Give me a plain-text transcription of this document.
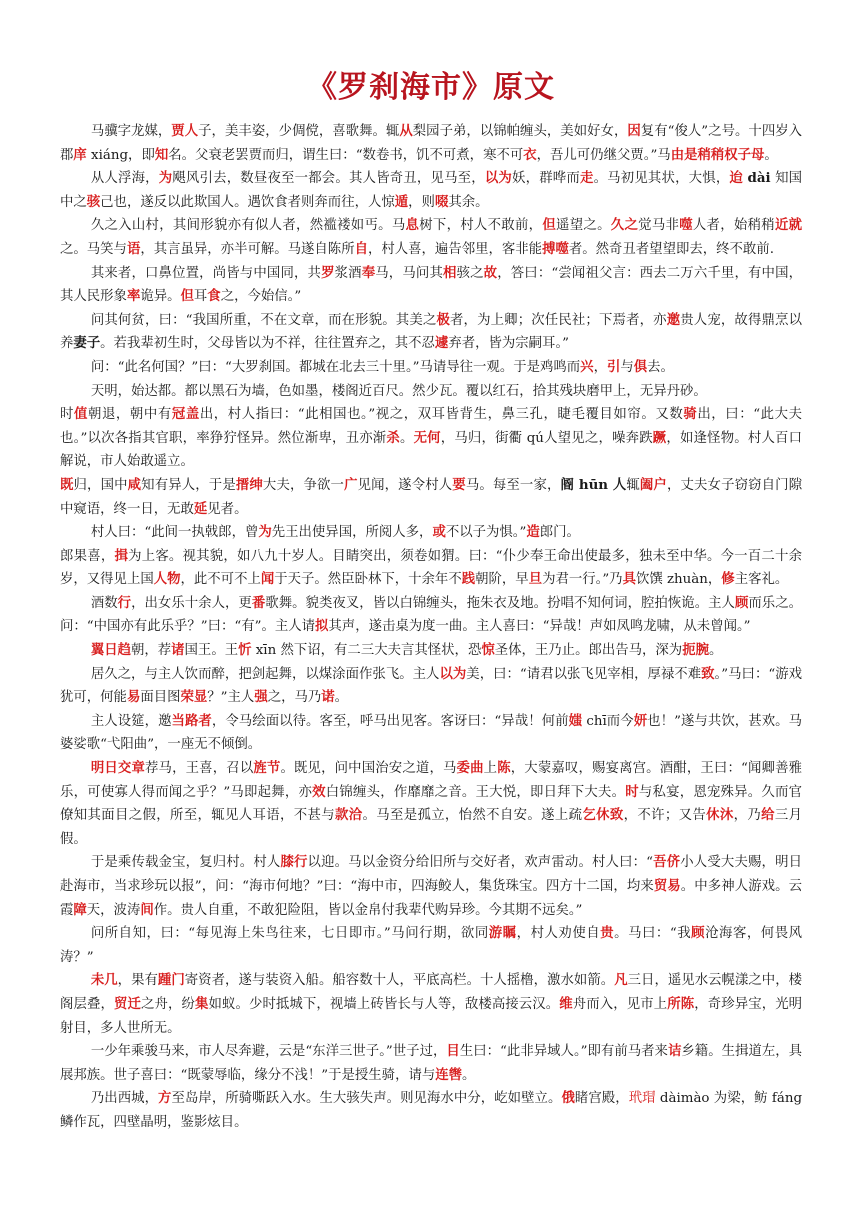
《罗刹海市》原文

马骥字龙媒，贾人子，美丰姿，少倜傥，喜歌舞。辄从梨园子弟，以锦帕缠头，美如好女，因复有“俊人”之号。十四岁入郡庠 xiáng，即知名。父衰老罢贾而归，谓生曰：“数卷书，饥不可煮，寒不可衣，吾儿可仍继父贾。”马由是稍稍权子母。

从人浮海，为飓风引去，数昼夜至一都会。其人皆奇丑，见马至，以为妖，群哗而走。马初见其状，大惧，迨 dài 知国中之骇己也，遂反以此欺国人。遇饮食者则奔而往，人惊遁，则啜其余。

久之入山村，其间形貌亦有似人者，然褴褛如丐。马息树下，村人不敢前，但遥望之。久之觉马非噬人者，始稍稍近就之。马笑与语，其言虽异，亦半可解。马遂自陈所自，村人喜，遍告邻里，客非能搏噬者。然奇丑者望望即去，终不敢前.

其来者，口鼻位置，尚皆与中国同，共罗浆酒奉马，马问其相骇之故，答曰：“尝闻祖父言：西去二万六千里，有中国，其人民形象率诡异。但耳食之，今始信。”

问其何贫，曰：“我国所重，不在文章，而在形貌。其美之极者，为上卿；次任民社；下焉者，亦邀贵人宠，故得鼎烹以养妻子。若我辈初生时，父母皆以为不祥，往往置弃之，其不忍遽弃者，皆为宗嗣耳。”

问：“此名何国？”曰：“大罗刹国。都城在北去三十里。”马请导往一观。于是鸡鸣而兴，引与俱去。

天明，始达都。都以黑石为墙，色如墨，楼阁近百尺。然少瓦。覆以红石，拾其残块磨甲上，无异丹砂。

时值朝退，朝中有冠盖出，村人指曰：“此相国也。”视之，双耳皆背生，鼻三孔，睫毛覆目如帘。又数骑出，曰：“此大夫也。”以次各指其官职，率狰狞怪异。然位渐卑，丑亦渐杀。无何，马归，街衢 qú人望见之，噪奔跌蹶，如逢怪物。村人百口解说，市人始敢遥立。

既归，国中咸知有异人，于是搢绅大夫，争欲一广见闻，遂令村人要马。每至一家，阍 hūn 人辄阖户，丈夫女子窃窃自门隙中窥语，终一日，无敢延见者。

村人曰：“此间一执戟郎，曾为先王出使异国，所阅人多，或不以子为惧。”造郎门。

郎果喜，揖为上客。视其貌，如八九十岁人。目睛突出，须卷如猬。曰：“仆少奉王命出使最多，独未至中华。今一百二十余岁，又得见上国人物，此不可不上闻于天子。然臣卧林下，十余年不践朝阶，早旦为君一行。”乃具饮馔 zhuàn，修主客礼。

酒数行，出女乐十余人，更番歌舞。貌类夜叉，皆以白锦缠头，拖朱衣及地。扮唱不知何词，腔拍恢诡。主人顾而乐之。问：“中国亦有此乐乎？”曰：“有”。主人请拟其声，遂击桌为度一曲。主人喜曰：“异哉！声如凤鸣龙啸，从未曾闻。”

翼日趋朝，荐诸国王。王忻 xīn 然下诏，有二三大夫言其怪状，恐惊圣体，王乃止。郎出告马，深为扼腕。

居久之，与主人饮而醉，把剑起舞，以煤涂面作张飞。主人以为美，曰：“请君以张飞见宰相，厚禄不难致。”马曰：“游戏犹可，何能易面目图荣显？”主人强之，马乃诺。

主人设筵，邀当路者，令马绘面以待。客至，呼马出见客。客讶曰：“异哉！何前媸 chī而今妍也！”遂与共饮，甚欢。马婆娑歌“弋阳曲”，一座无不倾倒。

明日交章荐马，王喜，召以旌节。既见，问中国治安之道，马委曲上陈，大蒙嘉叹，赐宴离宫。酒酣，王曰：“闻卿善雅乐，可使寡人得而闻之乎？”马即起舞，亦效白锦缠头，作靡靡之音。王大悦，即日拜下大夫。时与私宴，恩宠殊异。久而官僚知其面目之假，所至，辄见人耳语，不甚与款洽。马至是孤立，怡然不自安。遂上疏乞休致，不许；又告休沐，乃给三月假。

于是乘传载金宝，复归村。村人膝行以迎。马以金资分给旧所与交好者，欢声雷动。村人曰：“吾侪小人受大夫赐，明日赴海市，当求珍玩以报”，问：“海市何地？”曰：“海中市，四海鲛人，集货珠宝。四方十二国，均来贸易。中多神人游戏。云霞障天，波涛间作。贵人自重，不敢犯险阻，皆以金帛付我辈代购异珍。今其期不远矣。”

问所自知，曰：“每见海上朱鸟往来，七日即市。”马问行期，欲同游瞩，村人劝使自贵。马曰：“我顾沧海客，何畏风涛？”

未几，果有踵门寄资者，遂与装资入船。船容数十人，平底高栏。十人摇橹，激水如箭。凡三日，遥见水云幌漾之中，楼阁层叠，贸迁之舟，纷集如蚁。少时抵城下，视墙上砖皆长与人等，敌楼高接云汉。维舟而入，见市上所陈，奇珍异宝，光明射目，多人世所无。

一少年乘骏马来，市人尽奔避，云是“东洋三世子。”世子过，目生曰：“此非异域人。”即有前马者来诘乡籍。生揖道左，具展邦族。世子喜曰：“既蒙辱临，缘分不浅！”于是授生骑，请与连辔。

乃出西城，方至岛岸，所骑嘶跃入水。生大骇失声。则见海水中分，屹如壁立。俄睹宫殿，玳瑁 dàimào 为梁，鲂 fáng 鳞作瓦，四壁晶明，鉴影炫目。
